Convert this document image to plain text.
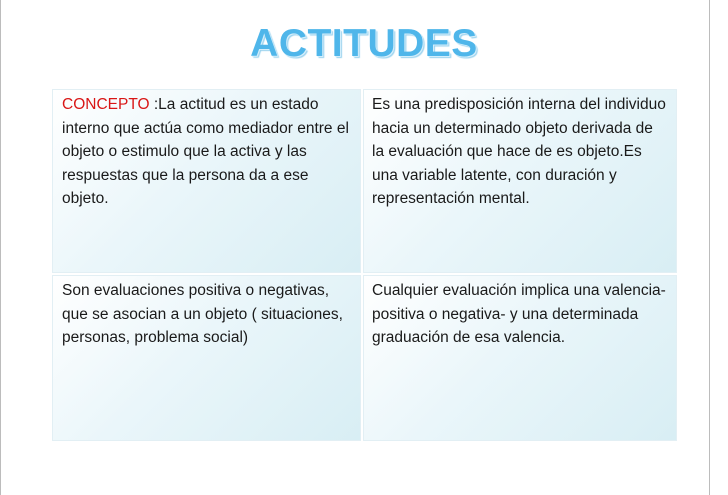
ACTITUDES

CONCEPTO :La actitud es un estado interno que actúa como mediador entre el objeto o estimulo que la activa y las respuestas que la persona da a ese objeto.

Es una predisposición interna del individuo hacia un determinado objeto derivada de la evaluación que hace de es objeto.Es una variable latente, con duración y representación mental.

Son evaluaciones positiva o negativas, que se asocian a un objeto ( situaciones, personas, problema social)

Cualquier evaluación implica una valencia-positiva o negativa- y una determinada graduación de esa valencia.
